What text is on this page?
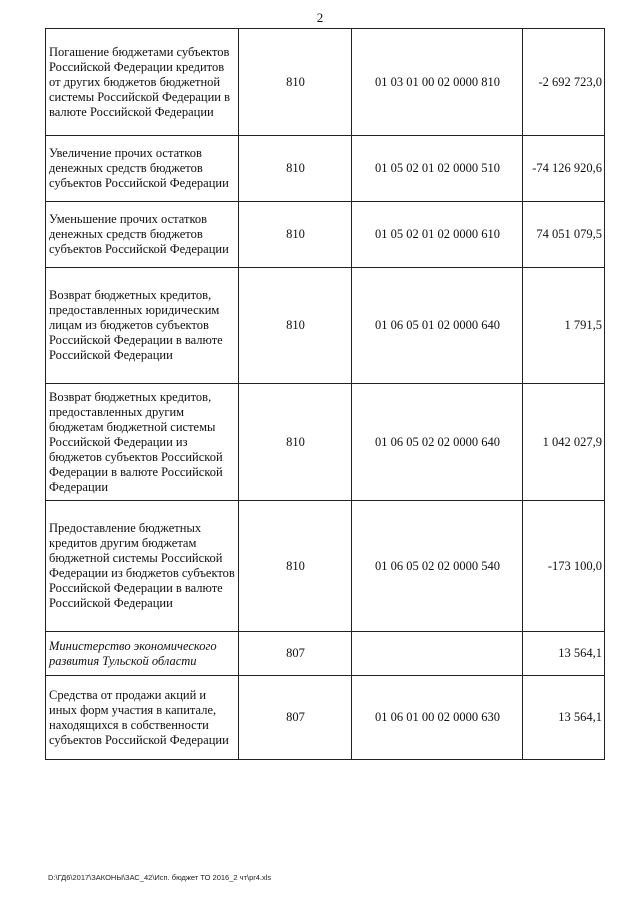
2
Погашение бюджетами субъектов Российской Федерации кредитов от других бюджетов бюджетной системы Российской Федерации в валюте Российской Федерации	810	01 03 01 00 02 0000 810	-2 692 723,0
Увеличение прочих остатков денежных средств бюджетов субъектов Российской Федерации	810	01 05 02 01 02 0000 510	-74 126 920,6
Уменьшение прочих остатков денежных средств бюджетов субъектов Российской Федерации	810	01 05 02 01 02 0000 610	74 051 079,5
Возврат бюджетных кредитов, предоставленных юридическим лицам из бюджетов субъектов Российской Федерации в валюте Российской Федерации	810	01 06 05 01 02 0000 640	1 791,5
Возврат бюджетных кредитов, предоставленных другим бюджетам бюджетной системы Российской Федерации из бюджетов субъектов Российской Федерации в валюте Российской Федерации	810	01 06 05 02 02 0000 640	1 042 027,9
Предоставление бюджетных кредитов другим бюджетам бюджетной системы Российской Федерации из бюджетов субъектов Российской Федерации в валюте Российской Федерации	810	01 06 05 02 02 0000 540	-173 100,0
Министерство экономического развития Тульской области	807		13 564,1
Средства от продажи акций и иных форм участия в капитале, находящихся в собственности субъектов Российской Федерации	807	01 06 01 00 02 0000 630	13 564,1
D:\ГД6\2017\ЗАКОНЫ\ЗАС_42\Исп. бюджет ТО 2016_2 чт\pr4.xls
